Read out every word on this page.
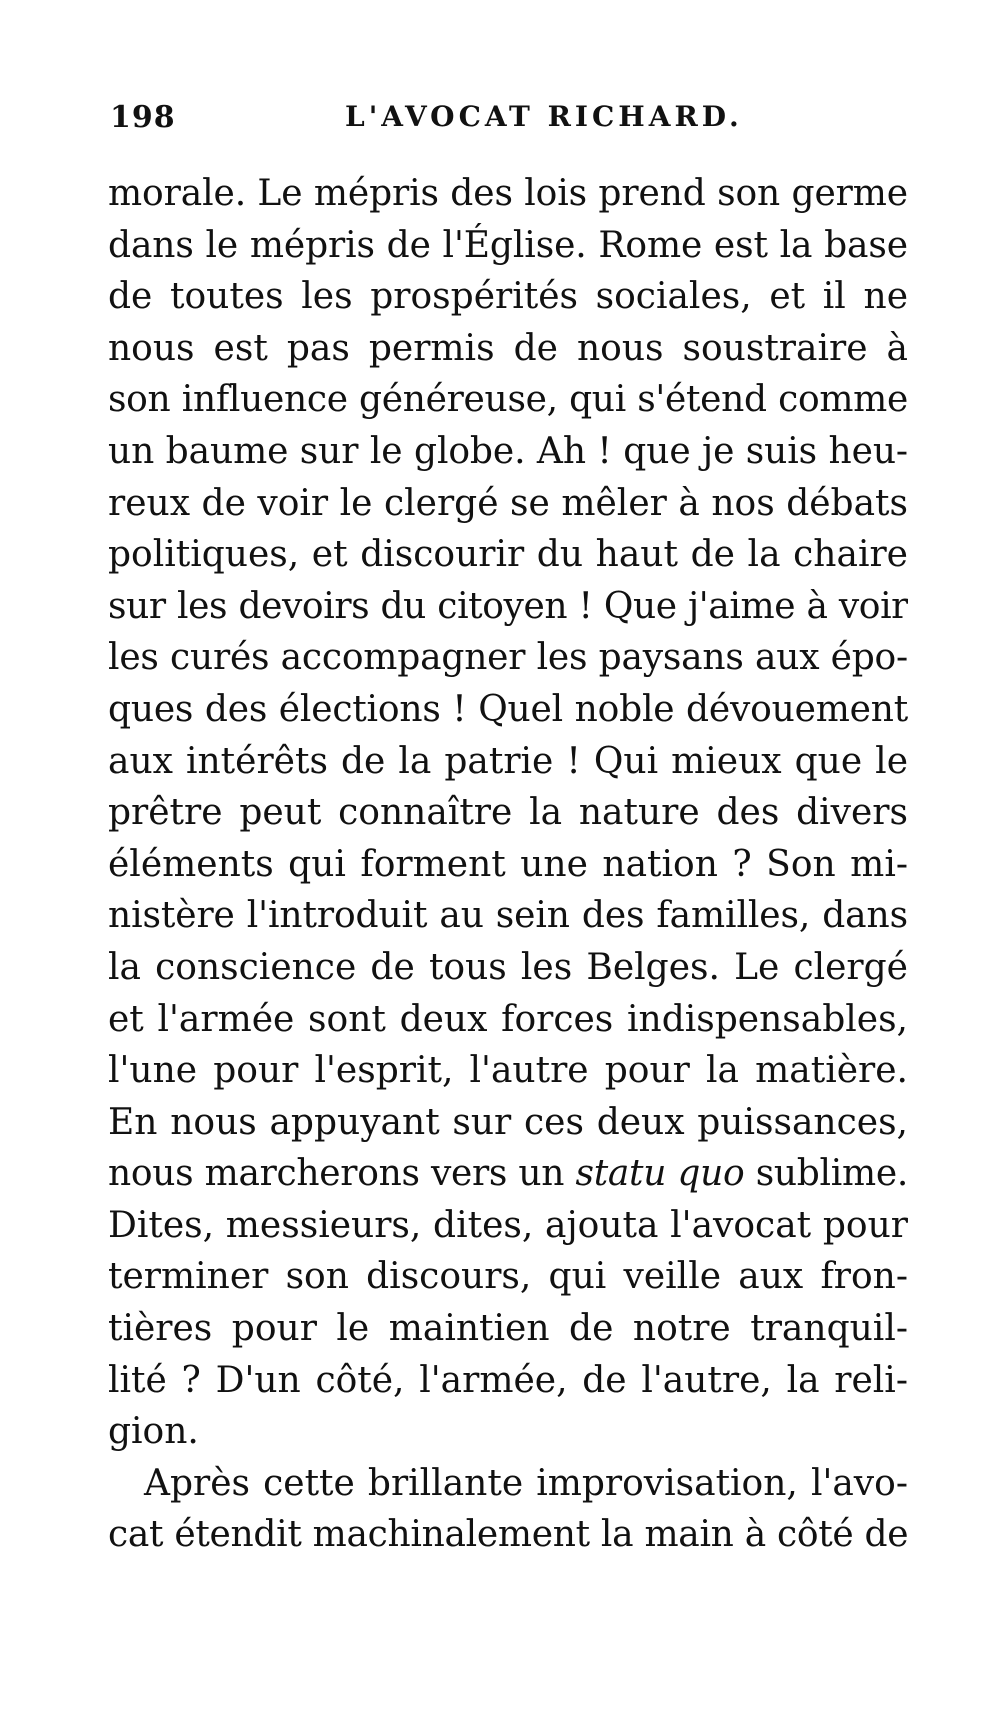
198	L'AVOCAT RICHARD.
morale. Le mépris des lois prend son germe
dans le mépris de l'Église. Rome est la base
de toutes les prospérités sociales, et il ne
nous est pas permis de nous soustraire à
son influence généreuse, qui s'étend comme
un baume sur le globe. Ah ! que je suis heu-
reux de voir le clergé se mêler à nos débats
politiques, et discourir du haut de la chaire
sur les devoirs du citoyen ! Que j'aime à voir
les curés accompagner les paysans aux épo-
ques des élections ! Quel noble dévouement
aux intérêts de la patrie ! Qui mieux que le
prêtre peut connaître la nature des divers
éléments qui forment une nation ? Son mi-
nistère l'introduit au sein des familles, dans
la conscience de tous les Belges. Le clergé
et l'armée sont deux forces indispensables,
l'une pour l'esprit, l'autre pour la matière.
En nous appuyant sur ces deux puissances,
nous marcherons vers un statu quo sublime.
Dites, messieurs, dites, ajouta l'avocat pour
terminer son discours, qui veille aux fron-
tières pour le maintien de notre tranquil-
lité ? D'un côté, l'armée, de l'autre, la reli-
gion.
Après cette brillante improvisation, l'avo-
cat étendit machinalement la main à côté de
